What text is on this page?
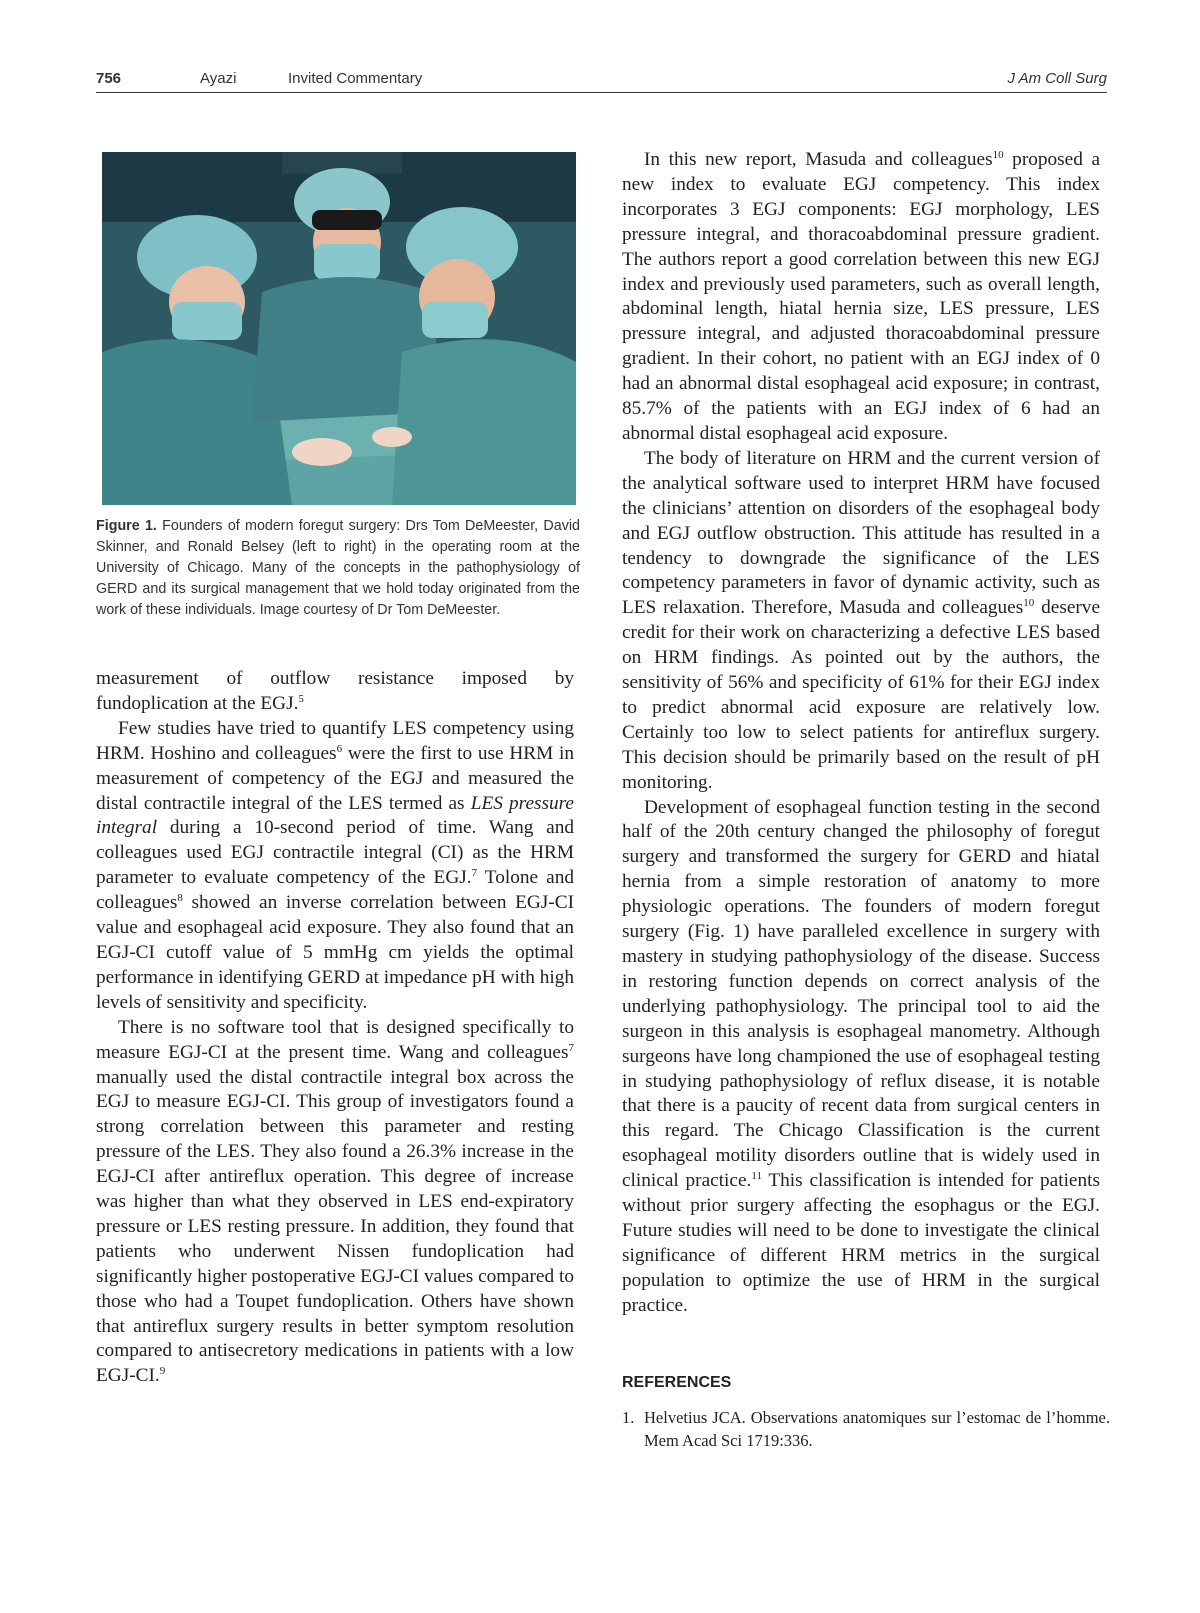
756	Ayazi	Invited Commentary	J Am Coll Surg
Figure 1. Founders of modern foregut surgery: Drs Tom DeMeester, David Skinner, and Ronald Belsey (left to right) in the operating room at the University of Chicago. Many of the concepts in the pathophysiology of GERD and its surgical management that we hold today originated from the work of these individuals. Image courtesy of Dr Tom DeMeester.

measurement of outflow resistance imposed by fundoplication at the EGJ.$^5$

Few studies have tried to quantify LES competency using HRM. Hoshino and colleagues$^6$ were the first to use HRM in measurement of competency of the EGJ and measured the distal contractile integral of the LES termed as LES pressure integral during a 10-second period of time. Wang and colleagues used EGJ contractile integral (CI) as the HRM parameter to evaluate competency of the EGJ.$^7$ Tolone and colleagues$^8$ showed an inverse correlation between EGJ-CI value and esophageal acid exposure. They also found that an EGJ-CI cutoff value of 5 mmHg cm yields the optimal performance in identifying GERD at impedance pH with high levels of sensitivity and specificity.

There is no software tool that is designed specifically to measure EGJ-CI at the present time. Wang and colleagues$^7$ manually used the distal contractile integral box across the EGJ to measure EGJ-CI. This group of investigators found a strong correlation between this parameter and resting pressure of the LES. They also found a 26.3% increase in the EGJ-CI after antireflux operation. This degree of increase was higher than what they observed in LES end-expiratory pressure or LES resting pressure. In addition, they found that patients who underwent Nissen fundoplication had significantly higher postoperative EGJ-CI values compared to those who had a Toupet fundoplication. Others have shown that antireflux surgery results in better symptom resolution compared to antisecretory medications in patients with a low EGJ-CI.$^9$

In this new report, Masuda and colleagues$^{10}$ proposed a new index to evaluate EGJ competency. This index incorporates 3 EGJ components: EGJ morphology, LES pressure integral, and thoracoabdominal pressure gradient. The authors report a good correlation between this new EGJ index and previously used parameters, such as overall length, abdominal length, hiatal hernia size, LES pressure, LES pressure integral, and adjusted thoracoabdominal pressure gradient. In their cohort, no patient with an EGJ index of 0 had an abnormal distal esophageal acid exposure; in contrast, 85.7% of the patients with an EGJ index of 6 had an abnormal distal esophageal acid exposure.

The body of literature on HRM and the current version of the analytical software used to interpret HRM have focused the clinicians’ attention on disorders of the esophageal body and EGJ outflow obstruction. This attitude has resulted in a tendency to downgrade the significance of the LES competency parameters in favor of dynamic activity, such as LES relaxation. Therefore, Masuda and colleagues$^{10}$ deserve credit for their work on characterizing a defective LES based on HRM findings. As pointed out by the authors, the sensitivity of 56% and specificity of 61% for their EGJ index to predict abnormal acid exposure are relatively low. Certainly too low to select patients for antireflux surgery. This decision should be primarily based on the result of pH monitoring.

Development of esophageal function testing in the second half of the 20th century changed the philosophy of foregut surgery and transformed the surgery for GERD and hiatal hernia from a simple restoration of anatomy to more physiologic operations. The founders of modern foregut surgery (Fig. 1) have paralleled excellence in surgery with mastery in studying pathophysiology of the disease. Success in restoring function depends on correct analysis of the underlying pathophysiology. The principal tool to aid the surgeon in this analysis is esophageal manometry. Although surgeons have long championed the use of esophageal testing in studying pathophysiology of reflux disease, it is notable that there is a paucity of recent data from surgical centers in this regard. The Chicago Classification is the current esophageal motility disorders outline that is widely used in clinical practice.$^{11}$ This classification is intended for patients without prior surgery affecting the esophagus or the EGJ. Future studies will need to be done to investigate the clinical significance of different HRM metrics in the surgical population to optimize the use of HRM in the surgical practice.

REFERENCES
1. Helvetius JCA. Observations anatomiques sur l’estomac de l’homme. Mem Acad Sci 1719:336.
